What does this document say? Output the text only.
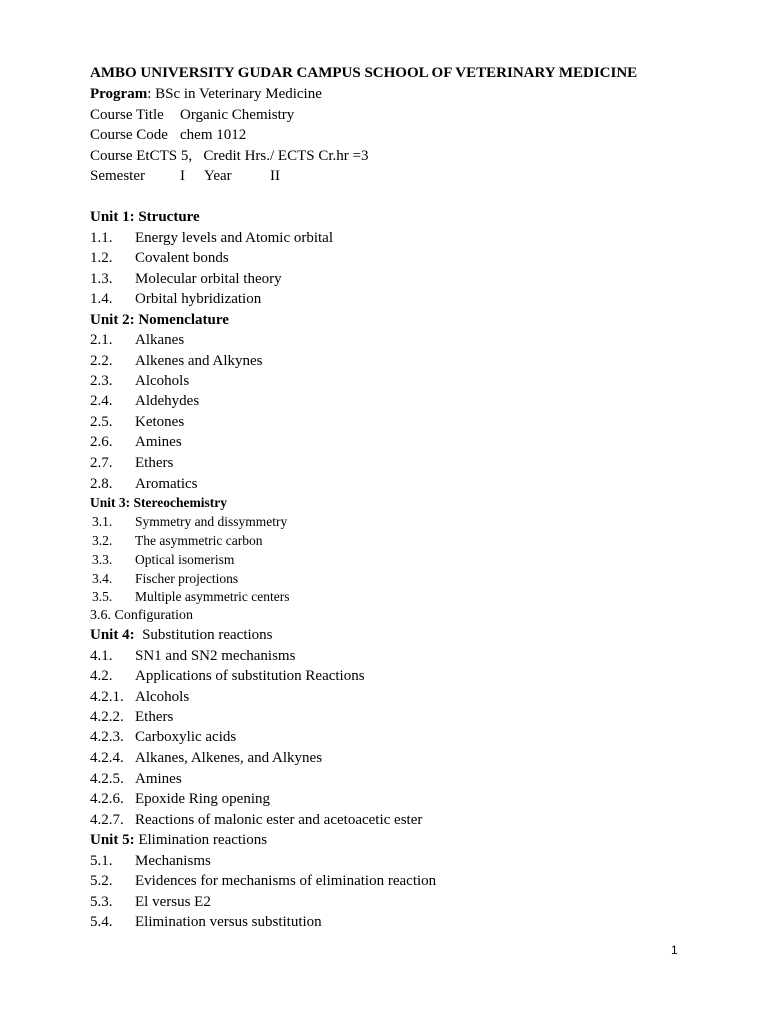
AMBO UNIVERSITY GUDAR CAMPUS SCHOOL OF VETERINARY MEDICINE
Program: BSc in Veterinary Medicine
Course Title Organic Chemistry
Course Code chem 1012
Course EtCTS 5,   Credit Hrs./ ECTS Cr.hr =3
Semester I Year	II
Unit 1: Structure
1.1. Energy levels and Atomic orbital
1.2. Covalent bonds
1.3. Molecular orbital theory
1.4. Orbital hybridization
Unit 2: Nomenclature
2.1. Alkanes
2.2. Alkenes and Alkynes
2.3. Alcohols
2.4. Aldehydes
2.5. Ketones
2.6. Amines
2.7. Ethers
2.8. Aromatics
Unit 3: Stereochemistry
3.1. Symmetry and dissymmetry
3.2. The asymmetric carbon
3.3. Optical isomerism
3.4. Fischer projections
3.5. Multiple asymmetric centers
3.6. Configuration
Unit 4:  Substitution reactions
4.1. SN1 and SN2 mechanisms
4.2. Applications of substitution Reactions
4.2.1. Alcohols
4.2.2. Ethers
4.2.3. Carboxylic acids
4.2.4. Alkanes, Alkenes, and Alkynes
4.2.5. Amines
4.2.6. Epoxide Ring opening
4.2.7. Reactions of malonic ester and acetoacetic ester
Unit 5: Elimination reactions
5.1. Mechanisms
5.2. Evidences for mechanisms of elimination reaction
5.3. El versus E2
5.4. Elimination versus substitution
1
